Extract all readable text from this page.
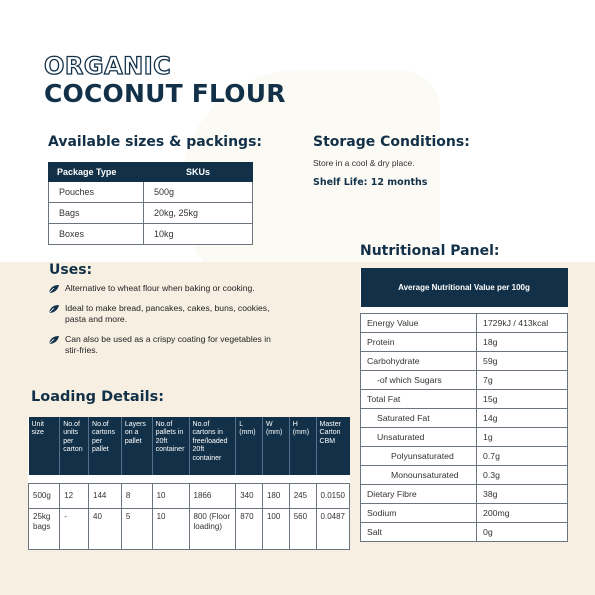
ORGANIC
COCONUT FLOUR
Available sizes & packings:
Package Type	SKUs
Pouches	500g
Bags	20kg, 25kg
Boxes	10kg
Storage Conditions:
Store in a cool & dry place.
Shelf Life: 12 months
Uses:
Alternative to wheat flour when baking or cooking.
Ideal to make bread, pancakes, cakes, buns, cookies, pasta and more.
Can also be used as a crispy coating for vegetables in stir-fries.
Loading Details:
Unit size	No.of units per carton	No.of cartons per pallet	Layers on a pallet	No.of pallets in 20ft container	No.of cartons in free/loaded 20ft container	L (mm)	W (mm)	H (mm)	Master Carton CBM

500g	12	144	8	10	1866	340	180	245	0.0150
25kg bags	-	40	5	10	800 (Floor loading)	870	100	560	0.0487
Nutritional Panel:
Average Nutritional Value per 100g	

Energy Value	1729kJ / 413kcal
Protein	18g
Carbohydrate	59g
-of which Sugars	7g
Total Fat	15g
Saturated Fat	14g
Unsaturated	1g
Polyunsaturated	0.7g
Monounsaturated	0.3g
Dietary Fibre	38g
Sodium	200mg
Salt	0g
